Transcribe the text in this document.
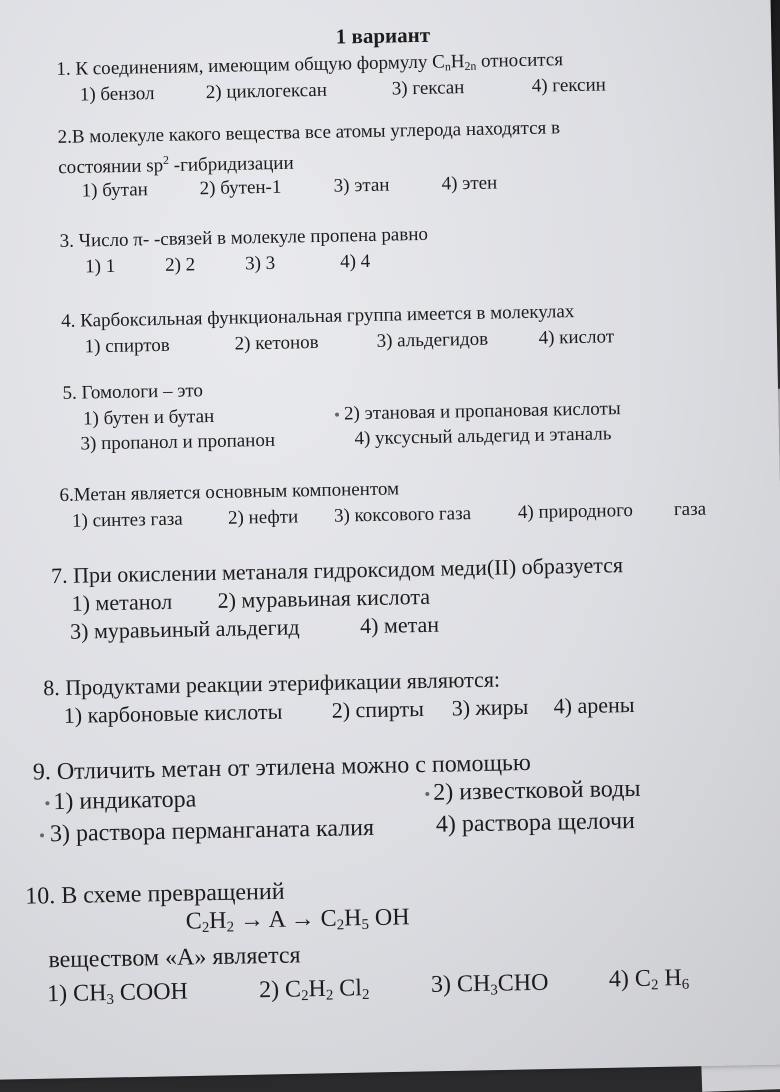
1 вариант
1. К соединениям, имеющим общую формулу $C_nH_{2n}$ относится
1) бензол	2) циклогексан	3) гексан	4) гексин
2.В молекуле какого вещества все атомы углерода находятся в
состоянии $sp^2$ -гибридизации
1) бутан	2) бутен-1	3) этан	4) этен
3. Число π- -связей в молекуле пропена равно
1) 1	2) 2	3) 3	4) 4
4. Карбоксильная функциональная группа имеется в молекулах
1) спиртов	2) кетонов	3) альдегидов	4) кислот
5. Гомологи – это
1) бутен и бутан	2) этановая и пропановая кислоты
3) пропанол и пропанон	4) уксусный альдегид и этаналь
6.Метан является основным компонентом
1) синтез газа 2) нефти 3) коксового газа 4) природного газа
7. При окислении метаналя гидроксидом меди(II) образуется
1) метанол 2) муравьиная кислота
3) муравьиный альдегид	4) метан
8. Продуктами реакции этерификации являются:
1) карбоновые кислоты 2) спирты 3) жиры 4) арены
9. Отличить метан от этилена можно с помощью
1) индикатора	2) известковой воды
3) раствора перманганата калия	4) раствора щелочи
10. В схеме превращений
$C_2H_2 \to A \to C_2H_5$ OH
веществом «А» является
1) $CH_3$ COOH	2) $C_2H_2$ $Cl_2$	3) $CH_3CHO$ 4) $C_2$ $H_6$
